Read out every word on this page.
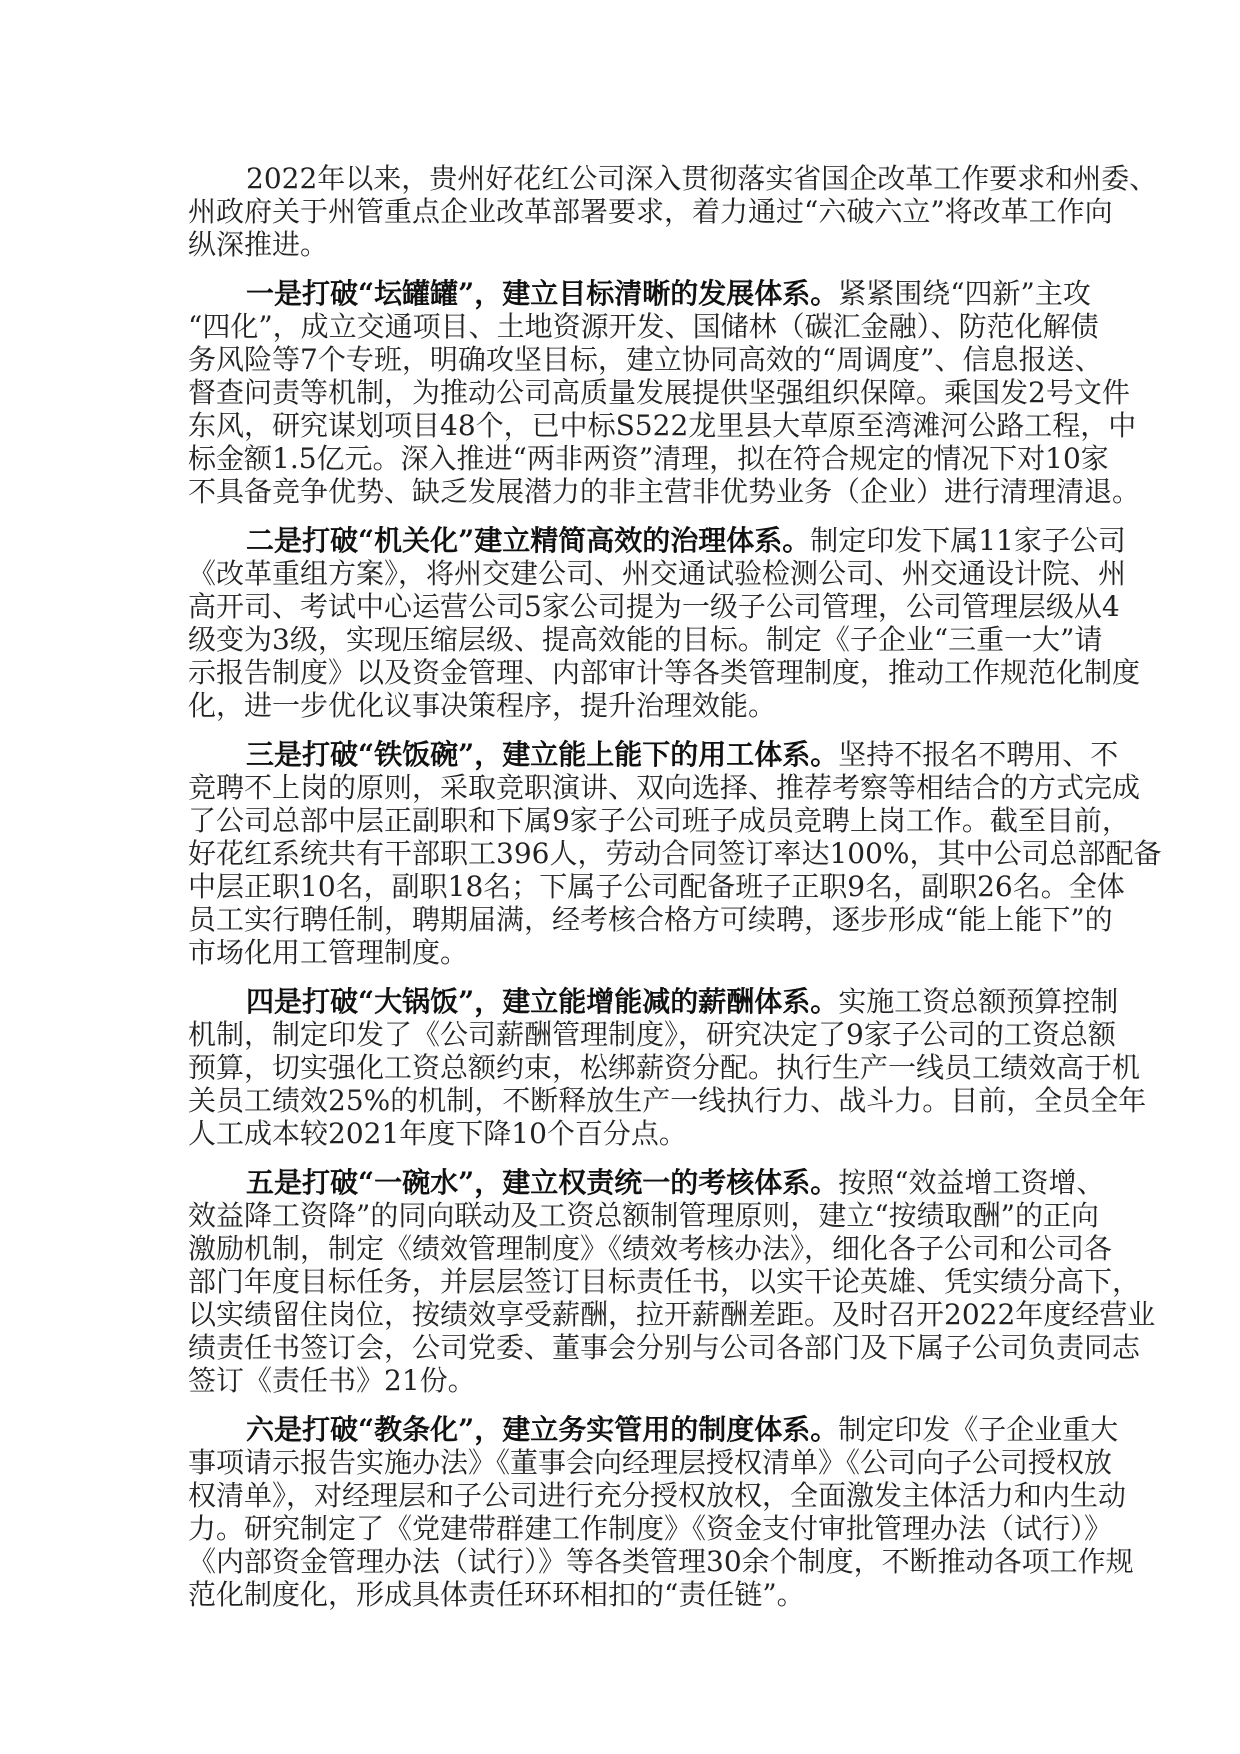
2022年以来，贵州好花红公司深入贯彻落实省国企改革工作要求和州委、
州政府关于州管重点企业改革部署要求，着力通过“六破六立”将改革工作向
纵深推进。
一是打破“坛罐罐”，建立目标清晰的发展体系。紧紧围绕“四新”主攻
“四化”，成立交通项目、土地资源开发、国储林（碳汇金融）、防范化解债
务风险等7个专班，明确攻坚目标，建立协同高效的“周调度”、信息报送、
督查问责等机制，为推动公司高质量发展提供坚强组织保障。乘国发2号文件
东风，研究谋划项目48个，已中标S522龙里县大草原至湾滩河公路工程，中
标金额1.5亿元。深入推进“两非两资”清理，拟在符合规定的情况下对10家
不具备竞争优势、缺乏发展潜力的非主营非优势业务（企业）进行清理清退。
二是打破“机关化”建立精简高效的治理体系。制定印发下属11家子公司
《改革重组方案》，将州交建公司、州交通试验检测公司、州交通设计院、州
高开司、考试中心运营公司5家公司提为一级子公司管理，公司管理层级从4
级变为3级，实现压缩层级、提高效能的目标。制定《子企业“三重一大”请
示报告制度》以及资金管理、内部审计等各类管理制度，推动工作规范化制度
化，进一步优化议事决策程序，提升治理效能。
三是打破“铁饭碗”，建立能上能下的用工体系。坚持不报名不聘用、不
竞聘不上岗的原则，采取竞职演讲、双向选择、推荐考察等相结合的方式完成
了公司总部中层正副职和下属9家子公司班子成员竞聘上岗工作。截至目前，
好花红系统共有干部职工396人，劳动合同签订率达100%，其中公司总部配备
中层正职10名，副职18名；下属子公司配备班子正职9名，副职26名。全体
员工实行聘任制，聘期届满，经考核合格方可续聘，逐步形成“能上能下”的
市场化用工管理制度。
四是打破“大锅饭”，建立能增能减的薪酬体系。实施工资总额预算控制
机制，制定印发了《公司薪酬管理制度》，研究决定了9家子公司的工资总额
预算，切实强化工资总额约束，松绑薪资分配。执行生产一线员工绩效高于机
关员工绩效25%的机制，不断释放生产一线执行力、战斗力。目前，全员全年
人工成本较2021年度下降10个百分点。
五是打破“一碗水”，建立权责统一的考核体系。按照“效益增工资增、
效益降工资降”的同向联动及工资总额制管理原则，建立“按绩取酬”的正向
激励机制，制定《绩效管理制度》《绩效考核办法》，细化各子公司和公司各
部门年度目标任务，并层层签订目标责任书，以实干论英雄、凭实绩分高下，
以实绩留住岗位，按绩效享受薪酬，拉开薪酬差距。及时召开2022年度经营业
绩责任书签订会，公司党委、董事会分别与公司各部门及下属子公司负责同志
签订《责任书》21份。
六是打破“教条化”，建立务实管用的制度体系。制定印发《子企业重大
事项请示报告实施办法》《董事会向经理层授权清单》《公司向子公司授权放
权清单》，对经理层和子公司进行充分授权放权，全面激发主体活力和内生动
力。研究制定了《党建带群建工作制度》《资金支付审批管理办法（试行）》
《内部资金管理办法（试行）》等各类管理30余个制度，不断推动各项工作规
范化制度化，形成具体责任环环相扣的“责任链”。
